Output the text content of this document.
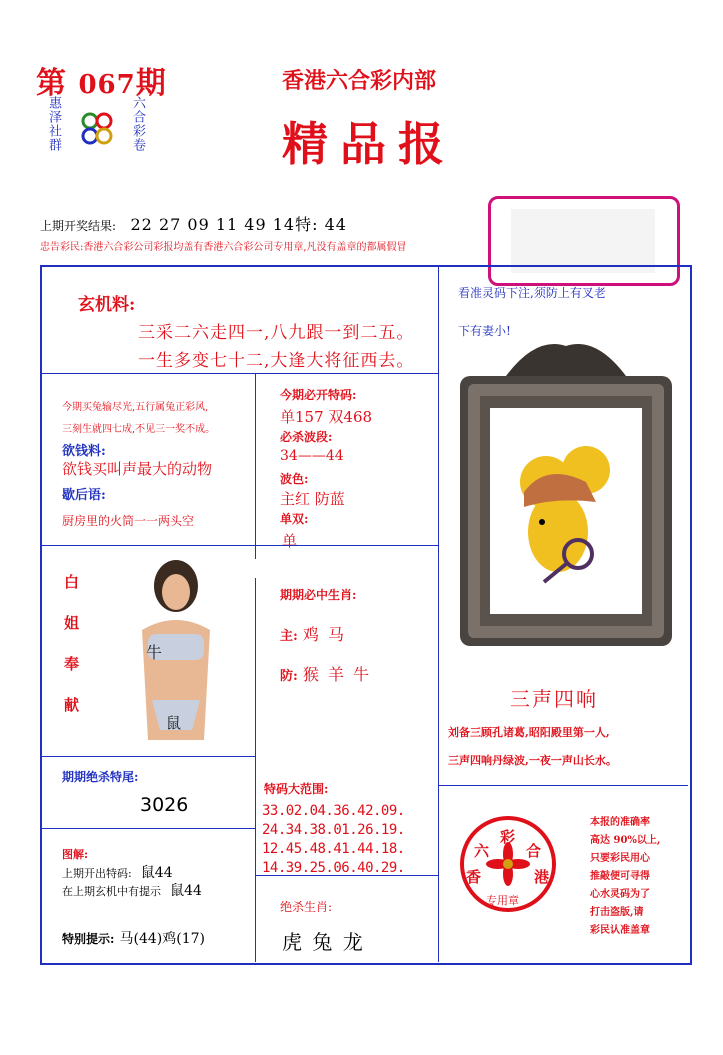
第 067期
惠泽社群	六合彩卷
香港六合彩内部
精品报
上期开奖结果: 22 27 09 11 49 14特: 44
忠告彩民:香港六合彩公司彩报均盖有香港六合彩公司专用章,凡没有盖章的都属假冒
玄机料:
三采二六走四一,八九跟一到二五。
一生多变七十二,大逢大将征西去。
今期买兔输尽光,五行属兔正彩风,
三刻生就四七成,不见三一奖不成。
欲钱料:
欲钱买叫声最大的动物
歇后语:
厨房里的火筒一一两头空
今期必开特码:
单157 双468
必杀波段:
34——44
波色:
主红 防蓝
单双:
单
看准灵码下注,须防上有叉老
下有妻小!
白
姐
奉
献
牛
鼠
期期必中生肖:
主: 鸡 马
防: 猴 羊 牛
三声四响
刘备三顾孔诸葛,昭阳殿里第一人,
三声四响丹绿波,一夜一声山长水。
期期绝杀特尾:
3026
特码大范围:
33.02.04.36.42.09.
24.34.38.01.26.19.
12.45.48.41.44.18.
14.39.25.06.40.29.
图解:
上期开出特码: 鼠44
在上期玄机中有提示 鼠44
特别提示: 马(44)鸡(17)
绝杀生肖:
虎 兔 龙
六
彩
合
香	港
专用章
本报的准确率
高达 90%以上,
只要彩民用心
推敲便可寻得
心水灵码为了
打击盗版,请
彩民认准盖章
